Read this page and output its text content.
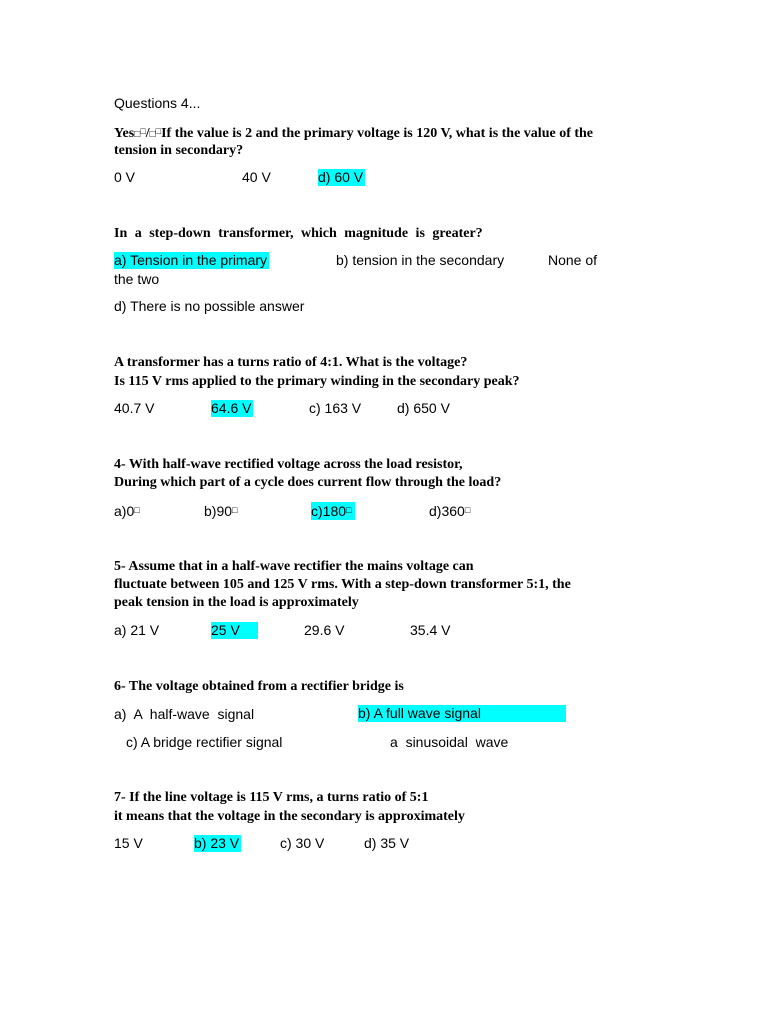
Questions 4...
Yes□□/□□If the value is 2 and the primary voltage is 120 V, what is the value of the
tension in secondary?
0 V	40 V	d) 60 V
In a step-down transformer, which magnitude is greater?
a) Tension in the primary	b) tension in the secondary	None of
the two
d) There is no possible answer
A transformer has a turns ratio of 4:1. What is the voltage?
Is 115 V rms applied to the primary winding in the secondary peak?
40.7 V	64.6 V	c) 163 V	d) 650 V
4- With half-wave rectified voltage across the load resistor,
During which part of a cycle does current flow through the load?
a)0□	b)90□	c)180□	d)360□
5- Assume that in a half-wave rectifier the mains voltage can
fluctuate between 105 and 125 V rms. With a step-down transformer 5:1, the
peak tension in the load is approximately
a) 21 V	25 V	29.6 V	35.4 V
6- The voltage obtained from a rectifier bridge is
a)  A  half-wave  signal	b) A full wave signal
c) A bridge rectifier signal	a  sinusoidal  wave
7- If the line voltage is 115 V rms, a turns ratio of 5:1
it means that the voltage in the secondary is approximately
15 V	b) 23 V	c) 30 V	d) 35 V
